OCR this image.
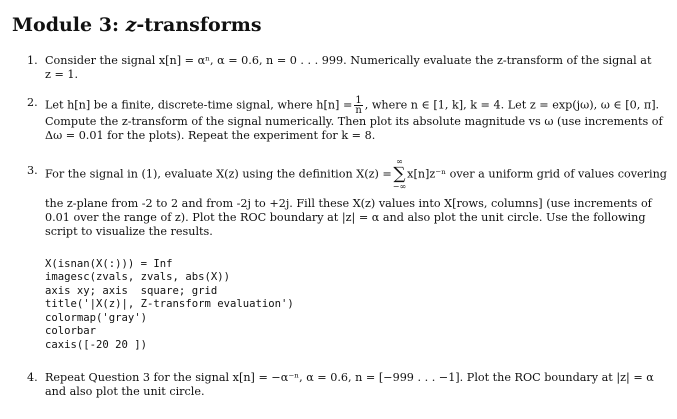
Module 3: z-transforms
1. Consider the signal x[n] = αⁿ, α = 0.6, n = 0 . . . 999. Numerically evaluate the z-transform of the signal at
z = 1.
2. Let h[n] be a finite, discrete-time signal, where $h[n] = \frac{1}{n}$ , where n ∈ [1, k], k = 4. Let z = exp(jω), ω ∈ [0, π].
Compute the z-transform of the signal numerically. Then plot its absolute magnitude vs ω (use increments of
Δω = 0.01 for the plots). Repeat the experiment for k = 8.
3. For the signal in (1), evaluate X(z) using the definition X(z) =∞
∑
−∞x[n]z⁻ⁿ over a uniform grid of values covering
the z-plane from -2 to 2 and from -2j to +2j. Fill these X(z) values into X[rows, columns] (use increments of
0.01 over the range of z). Plot the ROC boundary at |z| = α and also plot the unit circle. Use the following
script to visualize the results.

X(isnan(X(:))) = Inf
imagesc(zvals, zvals, abs(X))
axis xy; axis  square; grid
title('|X(z)|, Z-transform evaluation')
colormap('gray')
colorbar
caxis([-20 20 ])

4. Repeat Question 3 for the signal x[n] = −α⁻ⁿ, α = 0.6, n = [−999 . . . −1]. Plot the ROC boundary at |z| = α
and also plot the unit circle.
